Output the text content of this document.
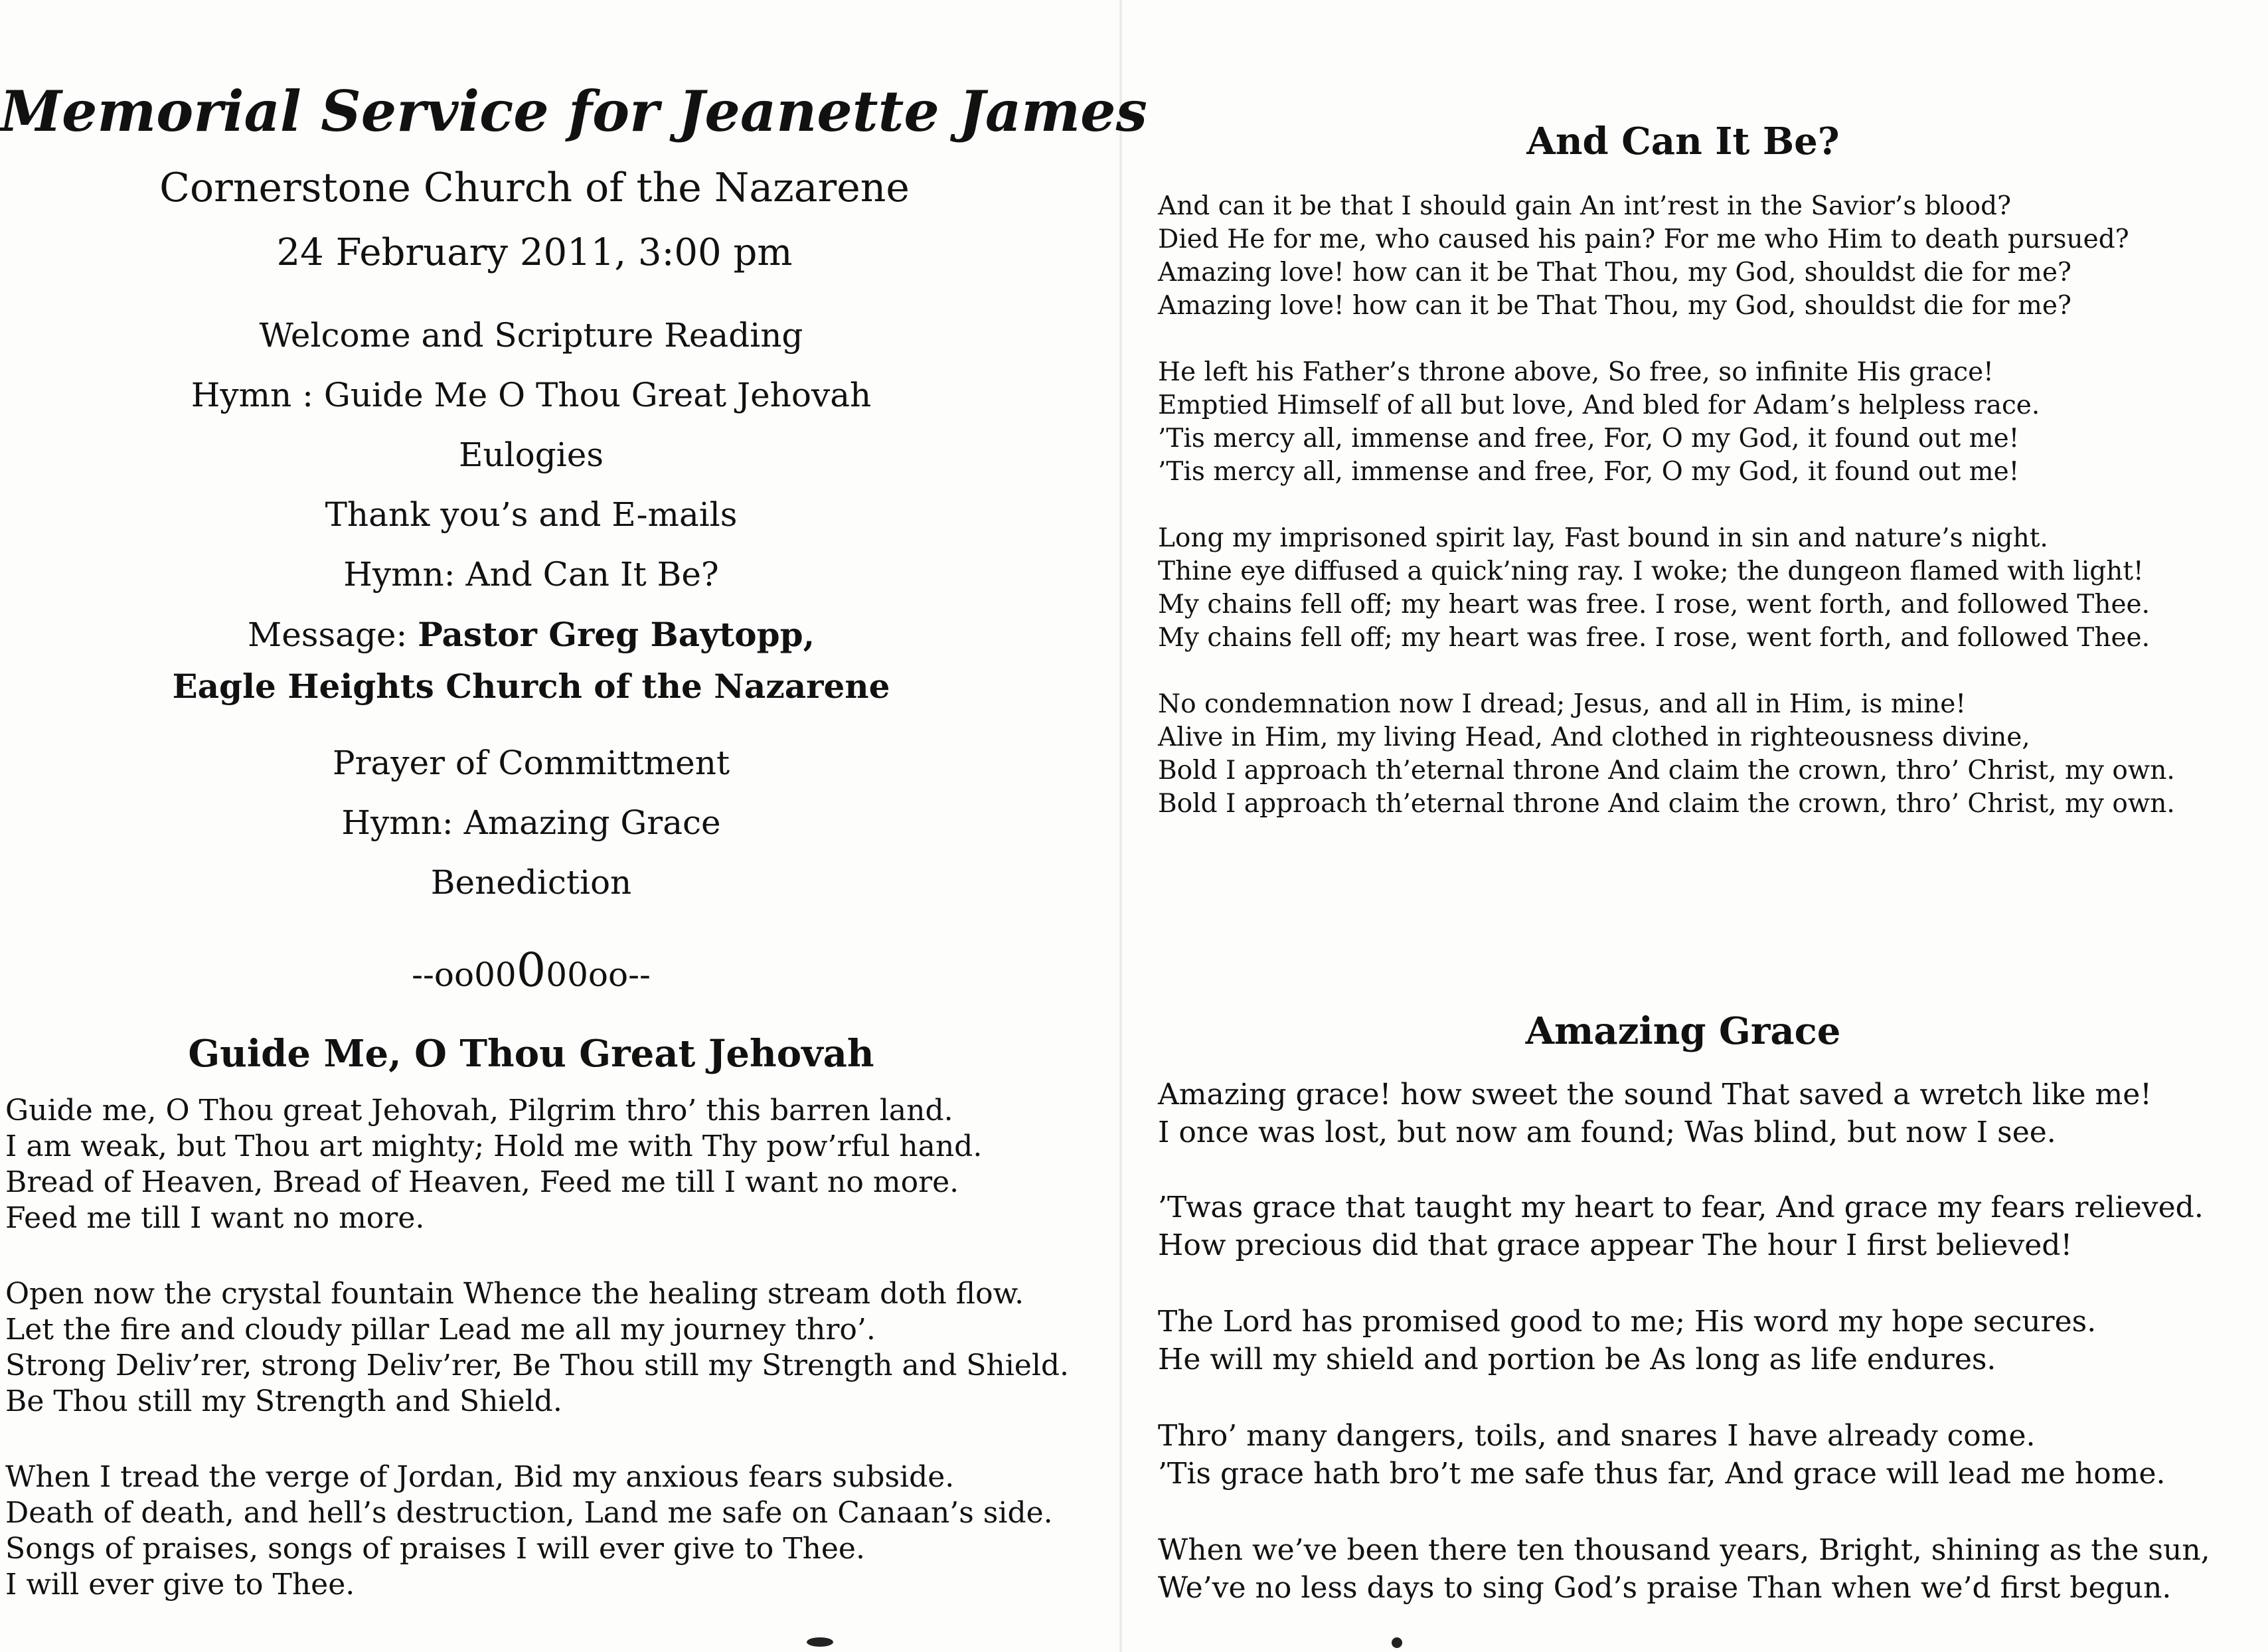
Memorial Service for Jeanette James

Cornerstone Church of the Nazarene

24 February 2011, 3:00 pm

Welcome and Scripture Reading

Hymn : Guide Me O Thou Great Jehovah

Eulogies

Thank you’s and E-mails

Hymn: And Can It Be?

Message: Pastor Greg Baytopp,

Eagle Heights Church of the Nazarene

Prayer of Committment

Hymn: Amazing Grace

Benediction

--oo00000oo--
Guide Me, O Thou Great Jehovah
Guide me, O Thou great Jehovah, Pilgrim thro’ this barren land.
I am weak, but Thou art mighty; Hold me with Thy pow’rful hand.
Bread of Heaven, Bread of Heaven, Feed me till I want no more.
Feed me till I want no more.
Open now the crystal fountain Whence the healing stream doth flow.
Let the fire and cloudy pillar Lead me all my journey thro’.
Strong Deliv’rer, strong Deliv’rer, Be Thou still my Strength and Shield.
Be Thou still my Strength and Shield.
When I tread the verge of Jordan, Bid my anxious fears subside.
Death of death, and hell’s destruction, Land me safe on Canaan’s side.
Songs of praises, songs of praises I will ever give to Thee.
I will ever give to Thee.
And Can It Be?
And can it be that I should gain An int’rest in the Savior’s blood?
Died He for me, who caused his pain? For me who Him to death pursued?
Amazing love! how can it be That Thou, my God, shouldst die for me?
Amazing love! how can it be That Thou, my God, shouldst die for me?
He left his Father’s throne above, So free, so infinite His grace!
Emptied Himself of all but love, And bled for Adam’s helpless race.
’Tis mercy all, immense and free, For, O my God, it found out me!
’Tis mercy all, immense and free, For, O my God, it found out me!
Long my imprisoned spirit lay, Fast bound in sin and nature’s night.
Thine eye diffused a quick’ning ray. I woke; the dungeon flamed with light!
My chains fell off; my heart was free. I rose, went forth, and followed Thee.
My chains fell off; my heart was free. I rose, went forth, and followed Thee.
No condemnation now I dread; Jesus, and all in Him, is mine!
Alive in Him, my living Head, And clothed in righteousness divine,
Bold I approach th’eternal throne And claim the crown, thro’ Christ, my own.
Bold I approach th’eternal throne And claim the crown, thro’ Christ, my own.
Amazing Grace
Amazing grace! how sweet the sound That saved a wretch like me!
I once was lost, but now am found; Was blind, but now I see.
’Twas grace that taught my heart to fear, And grace my fears relieved.
How precious did that grace appear The hour I first believed!
The Lord has promised good to me; His word my hope secures.
He will my shield and portion be As long as life endures.
Thro’ many dangers, toils, and snares I have already come.
’Tis grace hath bro’t me safe thus far, And grace will lead me home.
When we’ve been there ten thousand years, Bright, shining as the sun,
We’ve no less days to sing God’s praise Than when we’d first begun.
